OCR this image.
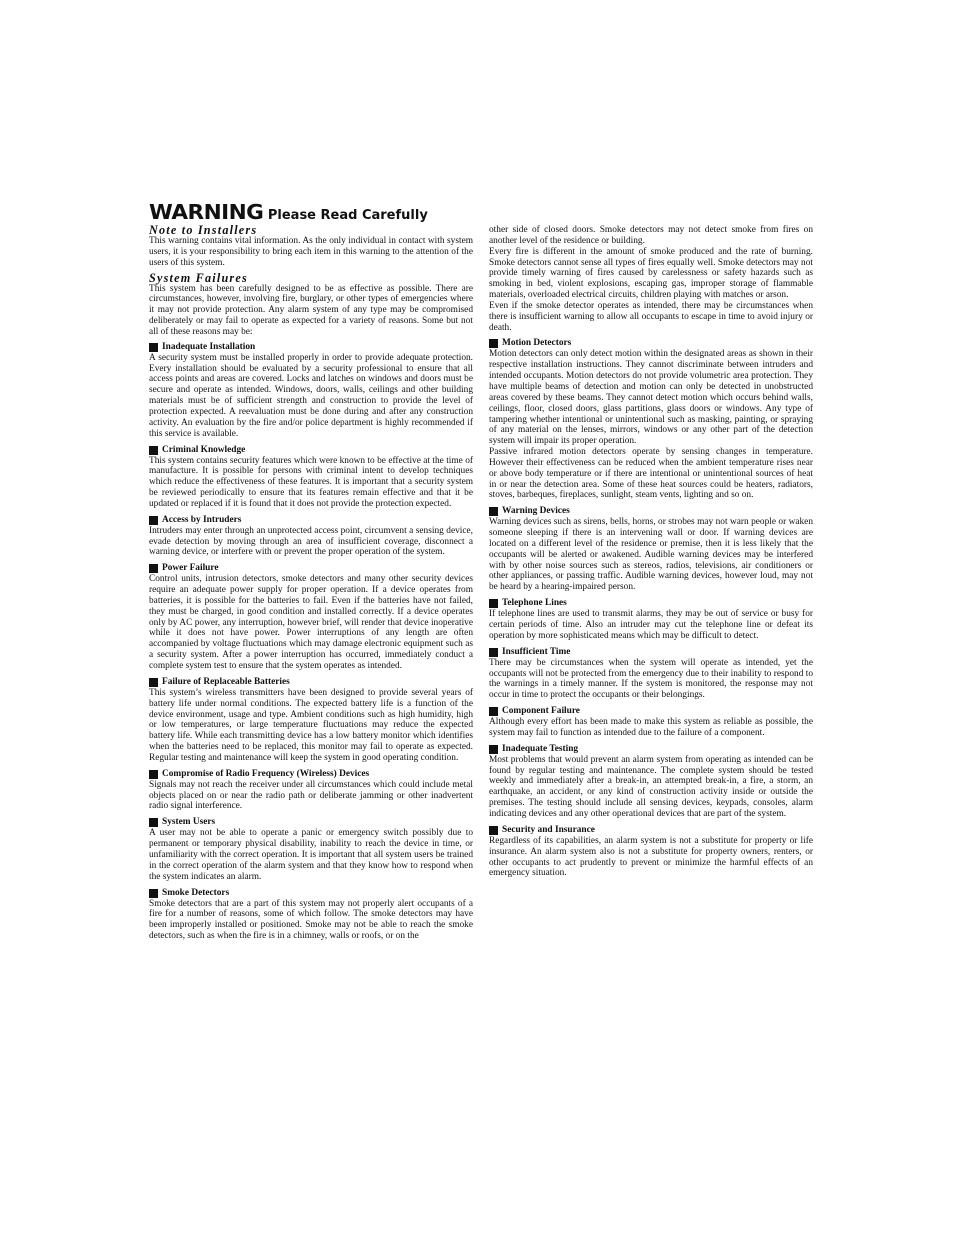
WARNING Please Read Carefully
Note to Installers

This warning contains vital information. As the only individual in contact with system users, it is your responsibility to bring each item in this warning to the attention of the users of this system.

System Failures

This system has been carefully designed to be as effective as possible. There are circumstances, however, involving fire, burglary, or other types of emergencies where it may not provide protection. Any alarm system of any type may be compromised deliberately or may fail to operate as expected for a variety of reasons. Some but not all of these reasons may be:

Inadequate Installation

A security system must be installed properly in order to provide adequate protection. Every installation should be evaluated by a security professional to ensure that all access points and areas are covered. Locks and latches on windows and doors must be secure and operate as intended. Windows, doors, walls, ceilings and other building materials must be of sufficient strength and construction to provide the level of protection expected. A reevaluation must be done during and after any construction activity. An evaluation by the fire and/or police department is highly recommended if this service is available.

Criminal Knowledge

This system contains security features which were known to be effective at the time of manufacture. It is possible for persons with criminal intent to develop techniques which reduce the effectiveness of these features. It is important that a security system be reviewed periodically to ensure that its features remain effective and that it be updated or replaced if it is found that it does not provide the protection expected.

Access by Intruders

Intruders may enter through an unprotected access point, circumvent a sensing device, evade detection by moving through an area of insufficient coverage, disconnect a warning device, or interfere with or prevent the proper operation of the system.

Power Failure

Control units, intrusion detectors, smoke detectors and many other security devices require an adequate power supply for proper operation. If a device operates from batteries, it is possible for the batteries to fail. Even if the batteries have not failed, they must be charged, in good condition and installed correctly. If a device operates only by AC power, any interruption, however brief, will render that device inoperative while it does not have power. Power interruptions of any length are often accompanied by voltage fluctuations which may damage electronic equipment such as a security system. After a power interruption has occurred, immediately conduct a complete system test to ensure that the system operates as intended.

Failure of Replaceable Batteries

This system’s wireless transmitters have been designed to provide several years of battery life under normal conditions. The expected battery life is a function of the device environment, usage and type. Ambient conditions such as high humidity, high or low temperatures, or large temperature fluctuations may reduce the expected battery life. While each transmitting device has a low battery monitor which identifies when the batteries need to be replaced, this monitor may fail to operate as expected. Regular testing and maintenance will keep the system in good operating condition.

Compromise of Radio Frequency (Wireless) Devices

Signals may not reach the receiver under all circumstances which could include metal objects placed on or near the radio path or deliberate jamming or other inadvertent radio signal interference.

System Users

A user may not be able to operate a panic or emergency switch possibly due to permanent or temporary physical disability, inability to reach the device in time, or unfamiliarity with the correct operation. It is important that all system users be trained in the correct operation of the alarm system and that they know how to respond when the system indicates an alarm.

Smoke Detectors

Smoke detectors that are a part of this system may not properly alert occupants of a fire for a number of reasons, some of which follow. The smoke detectors may have been improperly installed or positioned. Smoke may not be able to reach the smoke detectors, such as when the fire is in a chimney, walls or roofs, or on the

other side of closed doors. Smoke detectors may not detect smoke from fires on another level of the residence or building.

Every fire is different in the amount of smoke produced and the rate of burning. Smoke detectors cannot sense all types of fires equally well. Smoke detectors may not provide timely warning of fires caused by carelessness or safety hazards such as smoking in bed, violent explosions, escaping gas, improper storage of flammable materials, overloaded electrical circuits, children playing with matches or arson.

Even if the smoke detector operates as intended, there may be circumstances when there is insufficient warning to allow all occupants to escape in time to avoid injury or death.

Motion Detectors

Motion detectors can only detect motion within the designated areas as shown in their respective installation instructions. They cannot discriminate between intruders and intended occupants. Motion detectors do not provide volumetric area protection. They have multiple beams of detection and motion can only be detected in unobstructed areas covered by these beams. They cannot detect motion which occurs behind walls, ceilings, floor, closed doors, glass partitions, glass doors or windows. Any type of tampering whether intentional or unintentional such as masking, painting, or spraying of any material on the lenses, mirrors, windows or any other part of the detection system will impair its proper operation.

Passive infrared motion detectors operate by sensing changes in temperature. However their effectiveness can be reduced when the ambient temperature rises near or above body temperature or if there are intentional or unintentional sources of heat in or near the detection area. Some of these heat sources could be heaters, radiators, stoves, barbeques, fireplaces, sunlight, steam vents, lighting and so on.

Warning Devices

Warning devices such as sirens, bells, horns, or strobes may not warn people or waken someone sleeping if there is an intervening wall or door. If warning devices are located on a different level of the residence or premise, then it is less likely that the occupants will be alerted or awakened. Audible warning devices may be interfered with by other noise sources such as stereos, radios, televisions, air conditioners or other appliances, or passing traffic. Audible warning devices, however loud, may not be heard by a hearing-impaired person.

Telephone Lines

If telephone lines are used to transmit alarms, they may be out of service or busy for certain periods of time. Also an intruder may cut the telephone line or defeat its operation by more sophisticated means which may be difficult to detect.

Insufficient Time

There may be circumstances when the system will operate as intended, yet the occupants will not be protected from the emergency due to their inability to respond to the warnings in a timely manner. If the system is monitored, the response may not occur in time to protect the occupants or their belongings.

Component Failure

Although every effort has been made to make this system as reliable as possible, the system may fail to function as intended due to the failure of a component.

Inadequate Testing

Most problems that would prevent an alarm system from operating as intended can be found by regular testing and maintenance. The complete system should be tested weekly and immediately after a break-in, an attempted break-in, a fire, a storm, an earthquake, an accident, or any kind of construction activity inside or outside the premises. The testing should include all sensing devices, keypads, consoles, alarm indicating devices and any other operational devices that are part of the system.

Security and Insurance

Regardless of its capabilities, an alarm system is not a substitute for property or life insurance. An alarm system also is not a substitute for property owners, renters, or other occupants to act prudently to prevent or minimize the harmful effects of an emergency situation.
